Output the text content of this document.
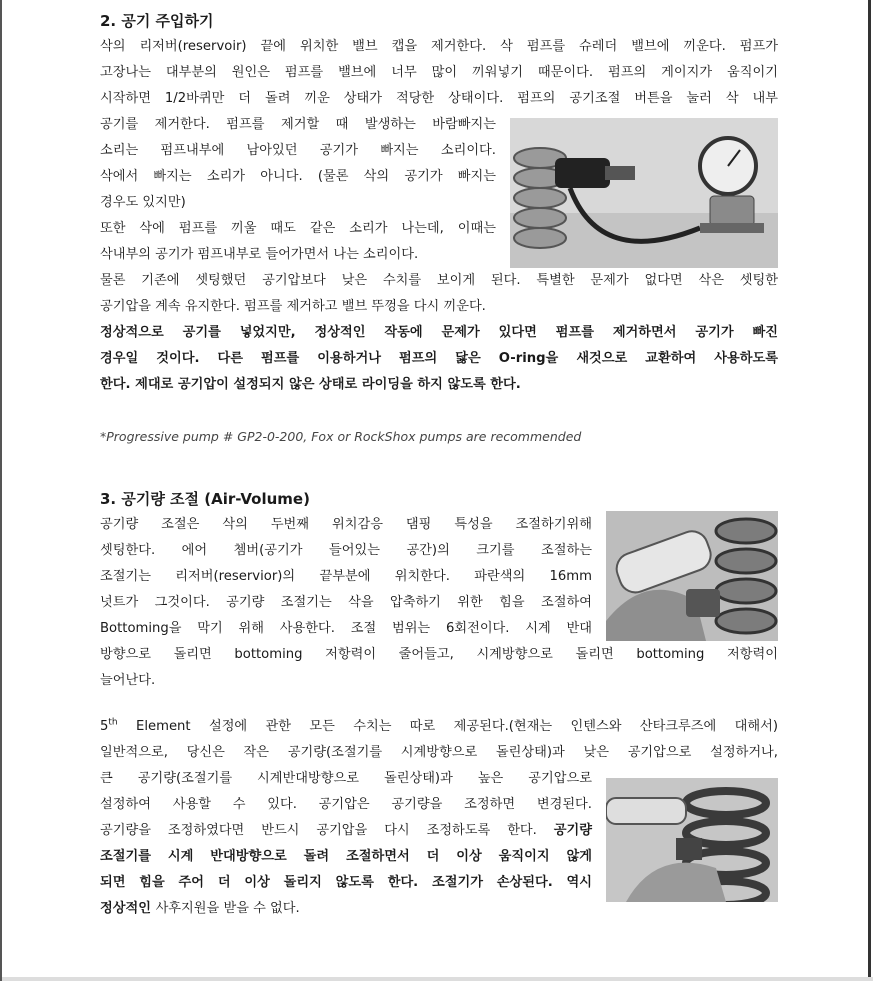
2. 공기 주입하기
삭의 리저버(reservoir) 끝에 위치한 밸브 캡을 제거한다. 삭 펌프를 슈레더 밸브에 끼운다. 펌프가
고장나는 대부분의 원인은 펌프를 밸브에 너무 많이 끼워넣기 때문이다. 펌프의 게이지가 움직이기
시작하면 1/2바퀴만 더 돌려 끼운 상태가 적당한 상태이다. 펌프의 공기조절 버튼을 눌러 삭 내부
공기를 제거한다. 펌프를 제거할 때 발생하는 바람빠지는
소리는 펌프내부에 남아있던 공기가 빠지는 소리이다.
삭에서 빠지는 소리가 아니다. (물론 삭의 공기가 빠지는
경우도 있지만)
또한 삭에 펌프를 끼울 때도 같은 소리가 나는데, 이때는
삭내부의 공기가 펌프내부로 들어가면서 나는 소리이다.
물론 기존에 셋팅했던 공기압보다 낮은 수치를 보이게 된다. 특별한 문제가 없다면 삭은 셋팅한
공기압을 계속 유지한다. 펌프를 제거하고 밸브 뚜껑을 다시 끼운다.
정상적으로 공기를 넣었지만, 정상적인 작동에 문제가 있다면 펌프를 제거하면서 공기가 빠진
경우일 것이다. 다른 펌프를 이용하거나 펌프의 닳은 O-ring을 새것으로 교환하여 사용하도록
한다. 제대로 공기압이 설정되지 않은 상태로 라이딩을 하지 않도록 한다.
*Progressive pump # GP2-0-200, Fox or RockShox pumps are recommended
3. 공기량 조절 (Air-Volume)
공기량 조절은 삭의 두번째 위치감응 댐핑 특성을 조절하기위해
셋팅한다. 에어 쳄버(공기가 들어있는 공간)의 크기를 조절하는
조절기는 리저버(reservior)의 끝부분에 위치한다. 파란색의 16mm
넛트가 그것이다. 공기량 조절기는 삭을 압축하기 위한 힘을 조절하여
Bottoming을 막기 위해 사용한다. 조절 범위는 6회전이다. 시계 반대
방향으로 돌리면 bottoming 저항력이 줄어들고, 시계방향으로 돌리면 bottoming 저항력이
늘어난다.
5th Element 설정에 관한 모든 수치는 따로 제공된다.(현재는 인텐스와 산타크루즈에 대해서)
일반적으로, 당신은 작은 공기량(조절기를 시계방향으로 돌린상태)과 낮은 공기압으로 설정하거나,
큰 공기량(조절기를 시계반대방향으로 돌린상태)과 높은 공기압으로
설정하여 사용할 수 있다. 공기압은 공기량을 조정하면 변경된다.
공기량을 조정하였다면 반드시 공기압을 다시 조정하도록 한다. 공기량
조절기를 시계 반대방향으로 돌려 조절하면서 더 이상 움직이지 않게
되면 힘을 주어 더 이상 돌리지 않도록 한다. 조절기가 손상된다. 역시
정상적인 사후지원을 받을 수 없다.
